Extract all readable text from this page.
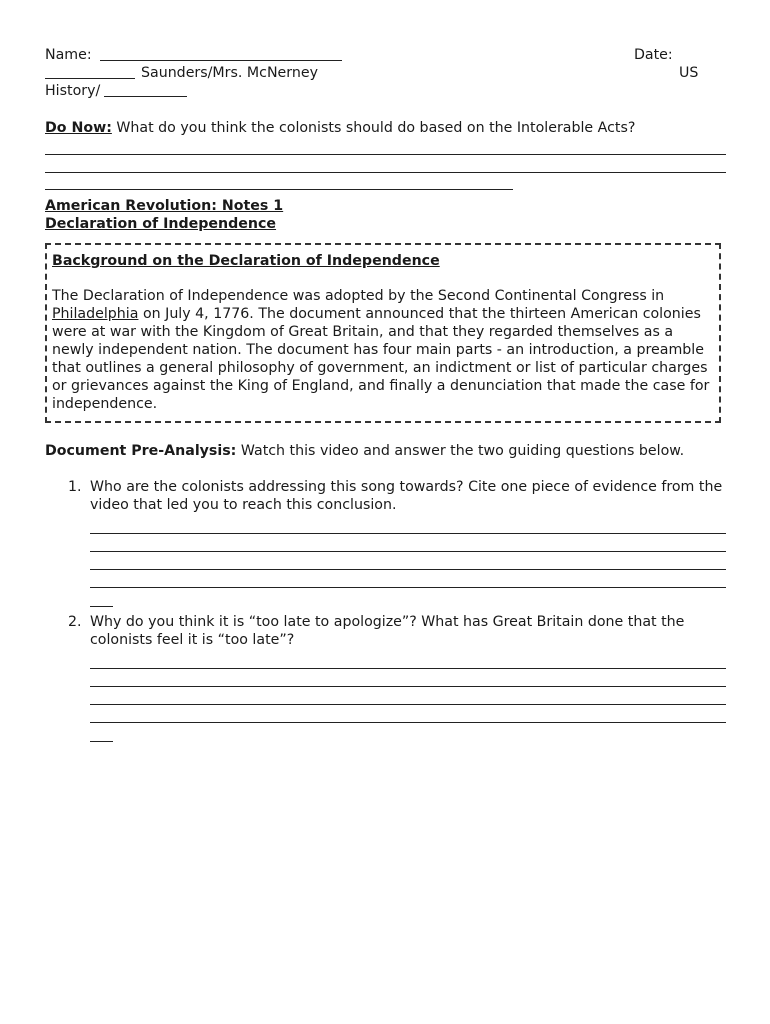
Name:	Date:
Saunders/Mrs. McNerney	US
History/
Do Now: What do you think the colonists should do based on the Intolerable Acts?
American Revolution: Notes 1
Declaration of Independence
Background on the Declaration of Independence
The Declaration of Independence was adopted by the Second Continental Congress in Philadelphia on July 4, 1776. The document announced that the thirteen American colonies were at war with the Kingdom of Great Britain, and that they regarded themselves as a newly independent nation. The document has four main parts - an introduction, a preamble that outlines a general philosophy of government, an indictment or list of particular charges or grievances against the King of England, and finally a denunciation that made the case for independence.
Document Pre-Analysis: Watch this video and answer the two guiding questions below.
1. Who are the colonists addressing this song towards? Cite one piece of evidence from the video that led you to reach this conclusion.
2. Why do you think it is “too late to apologize”? What has Great Britain done that the colonists feel it is “too late”?
